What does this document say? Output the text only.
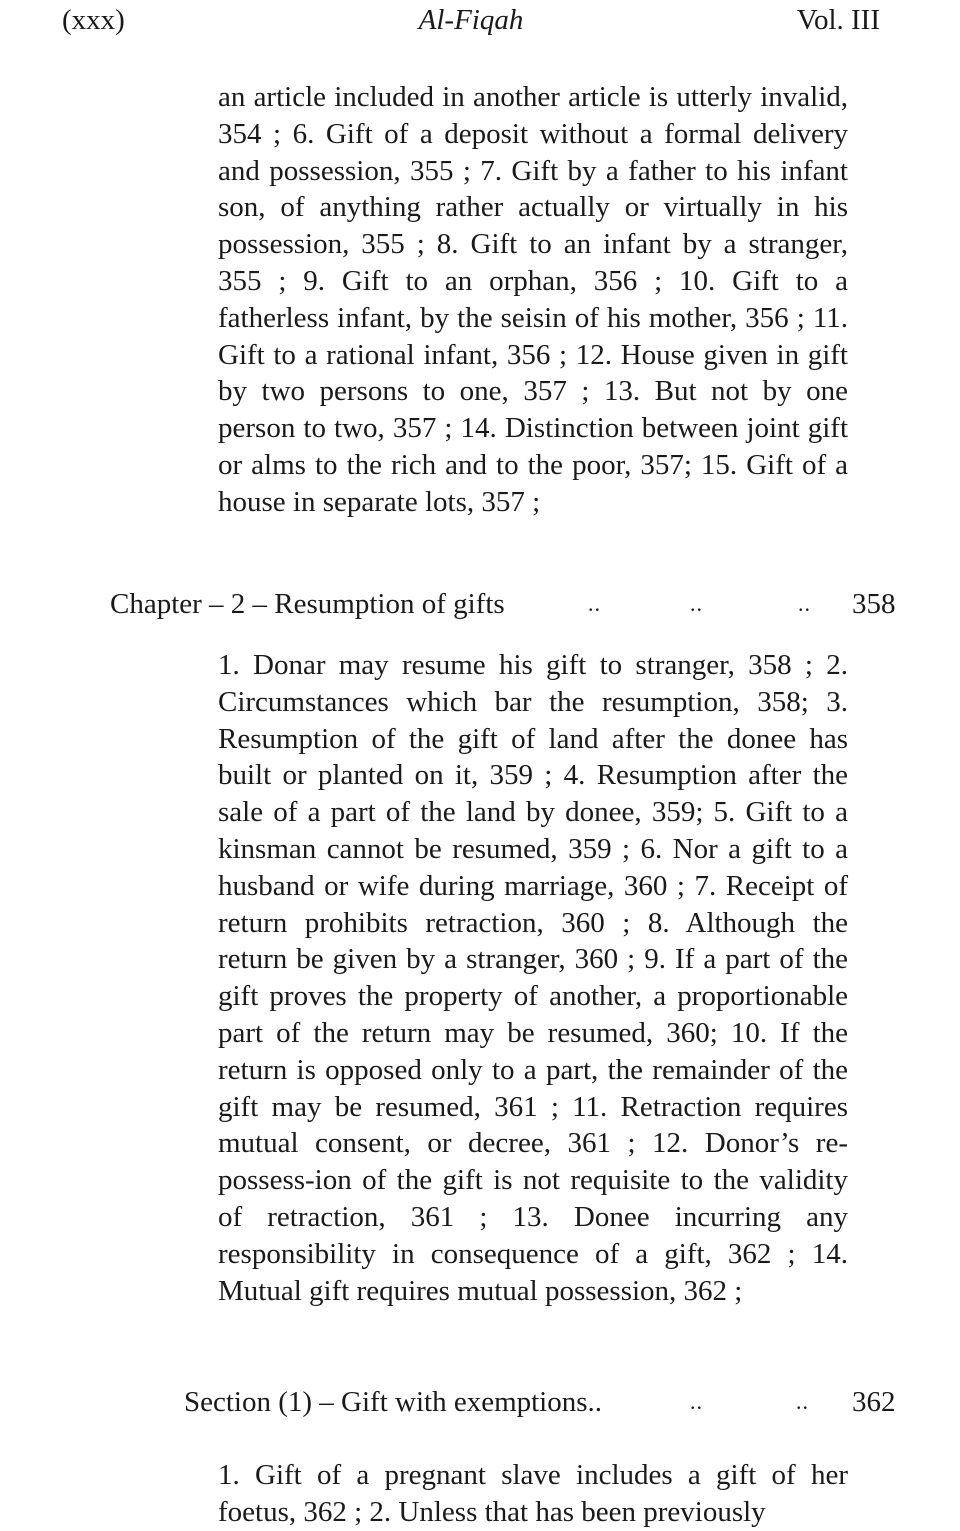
(xxx)	Al-Fiqah	Vol. III

an article included in another article is utterly invalid, 354 ; 6. Gift of a deposit without a formal delivery and possession, 355 ; 7. Gift by a father to his infant son, of anything rather actually or virtually in his possession, 355 ; 8. Gift to an infant by a stranger, 355 ; 9. Gift to an orphan, 356 ; 10. Gift to a fatherless infant, by the seisin of his mother, 356 ; 11. Gift to a rational infant, 356 ; 12. House given in gift by two persons to one, 357 ; 13. But not by one person to two, 357 ; 14. Distinction between joint gift or alms to the rich and to the poor, 357; 15. Gift of a house in separate lots, 357 ;

Chapter – 2 – Resumption of gifts	..	..	.. 358

1. Donar may resume his gift to stranger, 358 ; 2. Circumstances which bar the resumption, 358; 3. Resumption of the gift of land after the donee has built or planted on it, 359 ; 4. Resumption after the sale of a part of the land by donee, 359; 5. Gift to a kinsman cannot be resumed, 359 ; 6. Nor a gift to a husband or wife during marriage, 360 ; 7. Receipt of return prohibits retraction, 360 ; 8. Although the return be given by a stranger, 360 ; 9. If a part of the gift proves the property of another, a proportionable part of the return may be resumed, 360; 10. If the return is opposed only to a part, the remainder of the gift may be resumed, 361 ; 11. Retraction requires mutual consent, or decree, 361 ; 12. Donor’s re-possess-ion of the gift is not requisite to the validity of retraction, 361 ; 13. Donee incurring any responsibility in consequence of a gift, 362 ; 14. Mutual gift requires mutual possession, 362 ;

Section (1) – Gift with exemptions..	..	.. 362

1. Gift of a pregnant slave includes a gift of her foetus, 362 ; 2. Unless that has been previously
